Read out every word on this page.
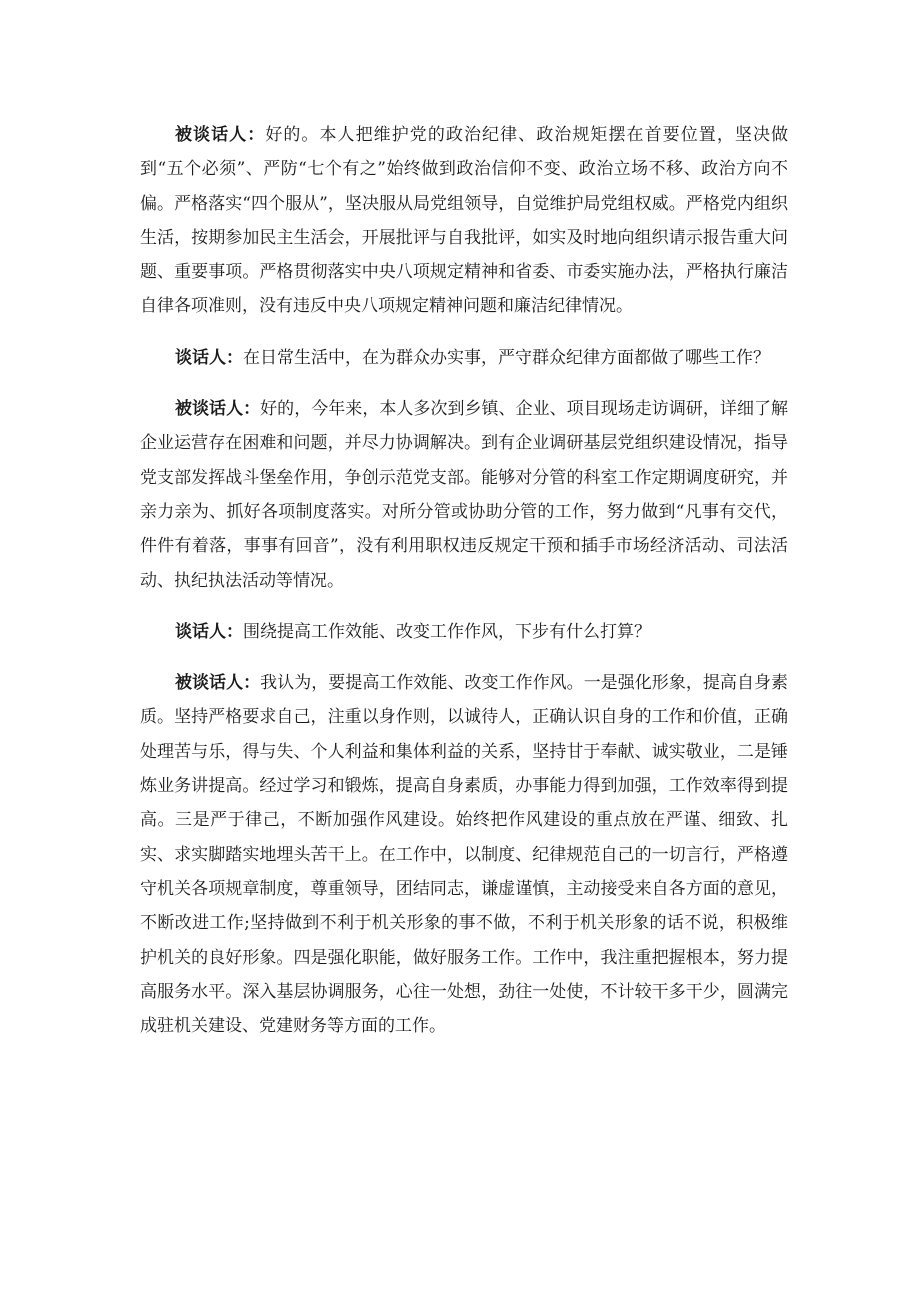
被谈话人：好的。本人把维护党的政治纪律、政治规矩摆在首要位置，坚决做到“五个必须”、严防“七个有之”始终做到政治信仰不变、政治立场不移、政治方向不偏。严格落实“四个服从”，坚决服从局党组领导，自觉维护局党组权威。严格党内组织生活，按期参加民主生活会，开展批评与自我批评，如实及时地向组织请示报告重大问题、重要事项。严格贯彻落实中央八项规定精神和省委、市委实施办法，严格执行廉洁自律各项准则，没有违反中央八项规定精神问题和廉洁纪律情况。

谈话人：在日常生活中，在为群众办实事，严守群众纪律方面都做了哪些工作？

被谈话人：好的，今年来，本人多次到乡镇、企业、项目现场走访调研，详细了解企业运营存在困难和问题，并尽力协调解决。到有企业调研基层党组织建设情况，指导党支部发挥战斗堡垒作用，争创示范党支部。能够对分管的科室工作定期调度研究，并亲力亲为、抓好各项制度落实。对所分管或协助分管的工作，努力做到“凡事有交代，件件有着落，事事有回音”，没有利用职权违反规定干预和插手市场经济活动、司法活动、执纪执法活动等情况。

谈话人：围绕提高工作效能、改变工作作风，下步有什么打算？

被谈话人：我认为，要提高工作效能、改变工作作风。一是强化形象，提高自身素质。坚持严格要求自己，注重以身作则，以诚待人，正确认识自身的工作和价值，正确处理苦与乐，得与失、个人利益和集体利益的关系，坚持甘于奉献、诚实敬业，二是锤炼业务讲提高。经过学习和锻炼，提高自身素质，办事能力得到加强，工作效率得到提高。三是严于律己，不断加强作风建设。始终把作风建设的重点放在严谨、细致、扎实、求实脚踏实地埋头苦干上。在工作中，以制度、纪律规范自己的一切言行，严格遵守机关各项规章制度，尊重领导，团结同志，谦虚谨慎，主动接受来自各方面的意见，不断改进工作;坚持做到不利于机关形象的事不做，不利于机关形象的话不说，积极维护机关的良好形象。四是强化职能，做好服务工作。工作中，我注重把握根本，努力提高服务水平。深入基层协调服务，心往一处想，劲往一处使，不计较干多干少，圆满完成驻机关建设、党建财务等方面的工作。
